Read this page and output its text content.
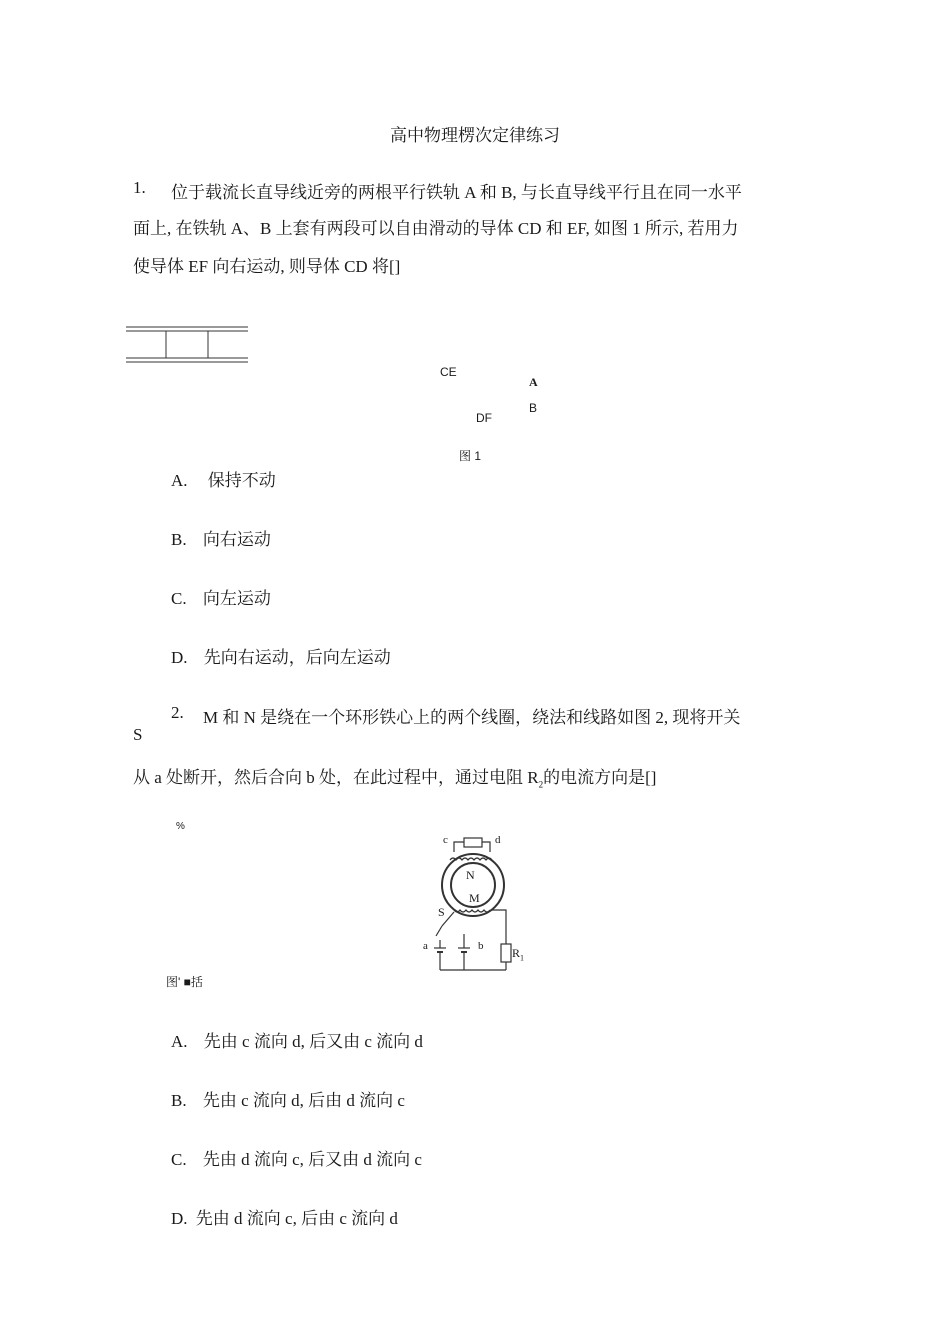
高中物理楞次定律练习
1. 位于载流长直导线近旁的两根平行铁轨 A 和 B, 与长直导线平行且在同一水平
面上, 在铁轨 A、B 上套有两段可以自由滑动的导体 CD 和 EF, 如图 1 所示, 若用力
使导体 EF 向右运动, 则导体 CD 将[]
CE
A
B
DF
图 1
A. 保持不动
B. 向右运动
C. 向左运动
D. 先向右运动，后向左运动
2. M 和 N 是绕在一个环形铁心上的两个线圈，绕法和线路如图 2, 现将开关
S
从 a 处断开，然后合向 b 处，在此过程中，通过电阻 $R_2$的电流方向是[]
%
c	d
N
M
S
a	b $R_1$
图' ■括
A. 先由 c 流向 d, 后又由 c 流向 d
B. 先由 c 流向 d, 后由 d 流向 c
C. 先由 d 流向 c, 后又由 d 流向 c
D. 先由 d 流向 c, 后由 c 流向 d
